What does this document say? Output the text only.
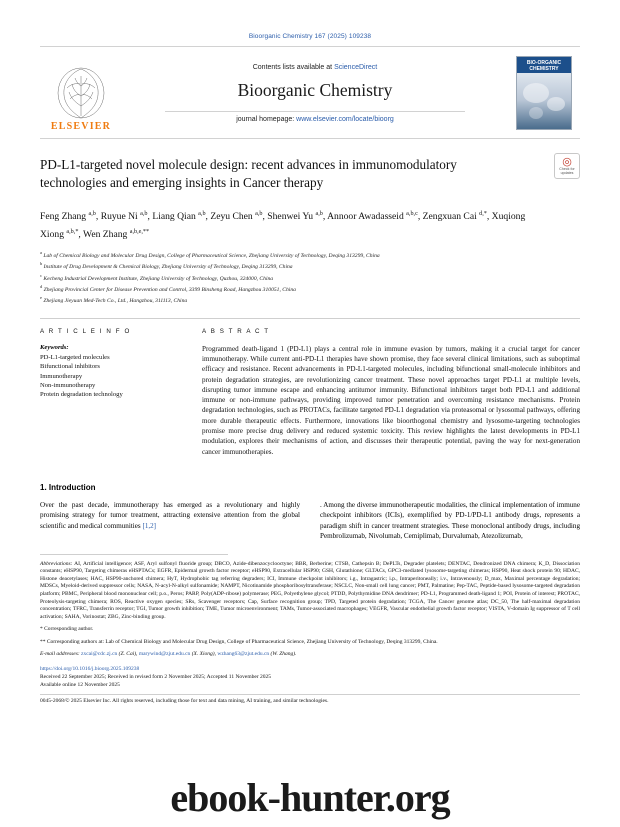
Bioorganic Chemistry 167 (2025) 109238
ELSEVIER
Contents lists available at ScienceDirect
Bioorganic Chemistry
journal homepage: www.elsevier.com/locate/bioorg
BIO-ORGANIC CHEMISTRY
PD-L1-targeted novel molecule design: recent advances in immunomodulatory technologies and emerging insights in Cancer therapy
◎
Check for
updates
Feng Zhang $^{a,b}$, Ruyue Ni $^{a,b}$, Liang Qian $^{a,b}$, Zeyu Chen $^{a,b}$, Shenwei Yu $^{a,b}$, Annoor Awadasseid $^{a,b,c}$, Zengxuan Cai $^{d,*}$, Xuqiong Xiong $^{a,b,*}$, Wen Zhang $^{a,b,e,**}$
$^a$ Lab of Chemical Biology and Molecular Drug Design, College of Pharmaceutical Science, Zhejiang University of Technology, Deqing 313299, China
$^b$ Institute of Drug Development & Chemical Biology, Zhejiang University of Technology, Deqing 313299, China
$^c$ Kecheng Industrial Development Institute, Zhejiang University of Technology, Quzhou, 324000, China
$^d$ Zhejiang Provincial Center for Disease Prevention and Control, 3399 Binsheng Road, Hangzhou 310051, China
$^e$ Zhejiang Jieyuan Med-Tech Co., Ltd., Hangzhou, 311113, China
A R T I C L E I N F O
Keywords:
PD-L1-targeted molecules
Bifunctional inhibitors
Immunotherapy
Non-immunotherapy
Protein degradation technology
A B S T R A C T
Programmed death-ligand 1 (PD-L1) plays a central role in immune evasion by tumors, making it a crucial target for cancer immunotherapy. While current anti-PD-L1 therapies have shown promise, they face several clinical limitations, such as suboptimal efficacy and resistance. Recent advancements in PD-L1-targeted molecules, including bifunctional small-molecule inhibitors and protein degradation strategies, are revolutionizing cancer treatment. These novel approaches target PD-L1 at multiple levels, disrupting tumor immune escape and enhancing antitumor immunity. Bifunctional inhibitors target both PD-L1 and additional immune or non-immune pathways, providing improved tumor penetration and overcoming resistance mechanisms. Protein degradation technologies, such as PROTACs, facilitate targeted PD-L1 degradation via proteasomal or lysosomal pathways, offering more durable therapeutic effects. Furthermore, innovations like bioorthogonal chemistry and lysosome-targeting technologies promise more precise drug delivery and reduced systemic toxicity. This review highlights the latest developments in PD-L1 modulation, explores their mechanisms of action, and discusses their therapeutic potential, paving the way for next-generation cancer immunotherapies.
1. Introduction
Over the past decade, immunotherapy has emerged as a revolutionary and highly promising strategy for tumor treatment, attracting extensive attention from the global scientific and medical communities [1,2]
. Among the diverse immunotherapeutic modalities, the clinical implementation of immune checkpoint inhibitors (ICIs), exemplified by PD-1/PD-L1 antibody drugs, represents a paradigm shift in cancer treatment strategies. These monoclonal antibody drugs, including Pembrolizumab, Nivolumab, Cemiplimab, Durvalumab, Atezolizumab,
Abbreviations: AI, Artificial intelligence; ASF, Aryl sulfonyl fluoride group; DBCO, Azide-dibenzocyclooctyne; BBR, Berberine; CTSB, Cathepsin B; DePLTs, Degrader platelets; DENTAC, Dendronized DNA chimera; K_D, Dissociation constants; eHSP90, Targeting chimeras eHSPTACs; EGFR, Epidermal growth factor receptor; eHSP90, Extracellular HSP90; GSH, Glutathione; GLTACs, GPC3-mediated lysosome-targeting chimeras; HSP90, Heat shock protein 90; HDAC, Histone deacetylases; HAC, HSP90-anchored chimera; HyT, Hydrophobic tag referring degraders; ICI, Immune checkpoint inhibitors; i.g., Intragastric; i.p., Intraperitoneally; i.v., Intravenously; D_max, Maximal percentage degradation; MDSCs, Myeloid-derived suppressor cells; NASA, N-acyl-N-alkyl sulfonamide; NAMPT, Nicotinamide phosphoribosyltransferase; NSCLC, Non-small cell lung cancer; PMT, Palmatine; Pep-TAC, Peptide-based lysosome-targeted degradation platform; PBMC, Peripheral blood mononuclear cell; p.o., Peros; PARP, Poly(ADP-ribose) polymerase; PEG, Polyethylene glycol; PTDD, Polythymidine DNA dendrimer; PD-L1, Programmed death-ligand 1; POI, Protein of interest; PROTAC, Proteolysis-targeting chimera; ROS, Reactive oxygen species; SRs, Scavenger receptors; Cap, Surface recognition group; TPD, Targeted protein degradation; TCGA, The Cancer genome atlas; DC_50, The half-maximal degradation concentration; TFRC, Transferrin receptor; TGI, Tumor growth inhibition; TME, Tumor microenvironment; TAMs, Tumor-associated macrophages; VEGFR, Vascular endothelial growth factor receptor; VISTA, V-domain Ig suppressor of T cell activation; SAHA, Vorinostat; ZBG, Zinc-binding group.
* Corresponding author.
** Corresponding authors at: Lab of Chemical Biology and Molecular Drug Design, College of Pharmaceutical Science, Zhejiang University of Technology, Deqing 313299, China.
E-mail addresses: zxcai@cdc.zj.cn (Z. Cai), marywind@zjut.edu.cn (X. Xiong), wzhang63@zjut.edu.cn (W. Zhang).
https://doi.org/10.1016/j.bioorg.2025.109238
Received 22 September 2025; Received in revised form 2 November 2025; Accepted 11 November 2025
Available online 12 November 2025
0045-2068/© 2025 Elsevier Inc. All rights reserved, including those for text and data mining, AI training, and similar technologies.
ebook-hunter.org
